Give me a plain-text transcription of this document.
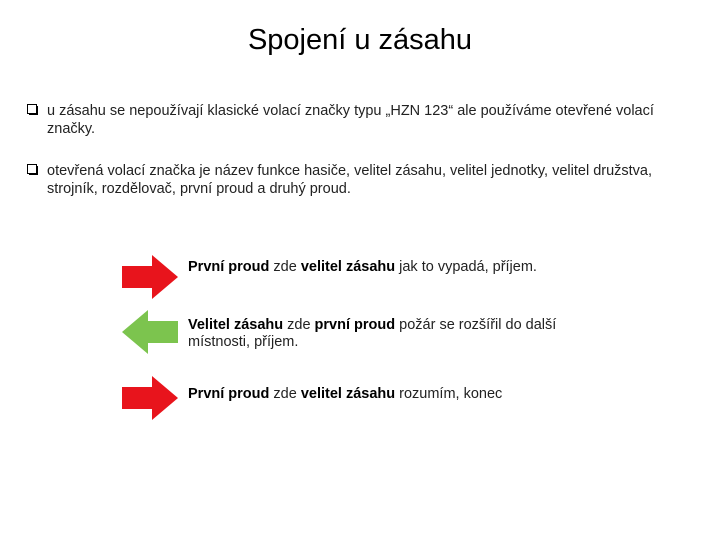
Spojení u zásahu
u zásahu se nepoužívají klasické volací značky typu „HZN 123“ ale používáme otevřené volací značky.
otevřená volací značka je název funkce hasiče, velitel zásahu, velitel jednotky, velitel družstva, strojník, rozdělovač, první proud a druhý proud.
První proud zde velitel zásahu jak to vypadá, příjem.
Velitel zásahu zde první proud požár se rozšířil do další místnosti, příjem.
První proud zde velitel zásahu rozumím, konec
